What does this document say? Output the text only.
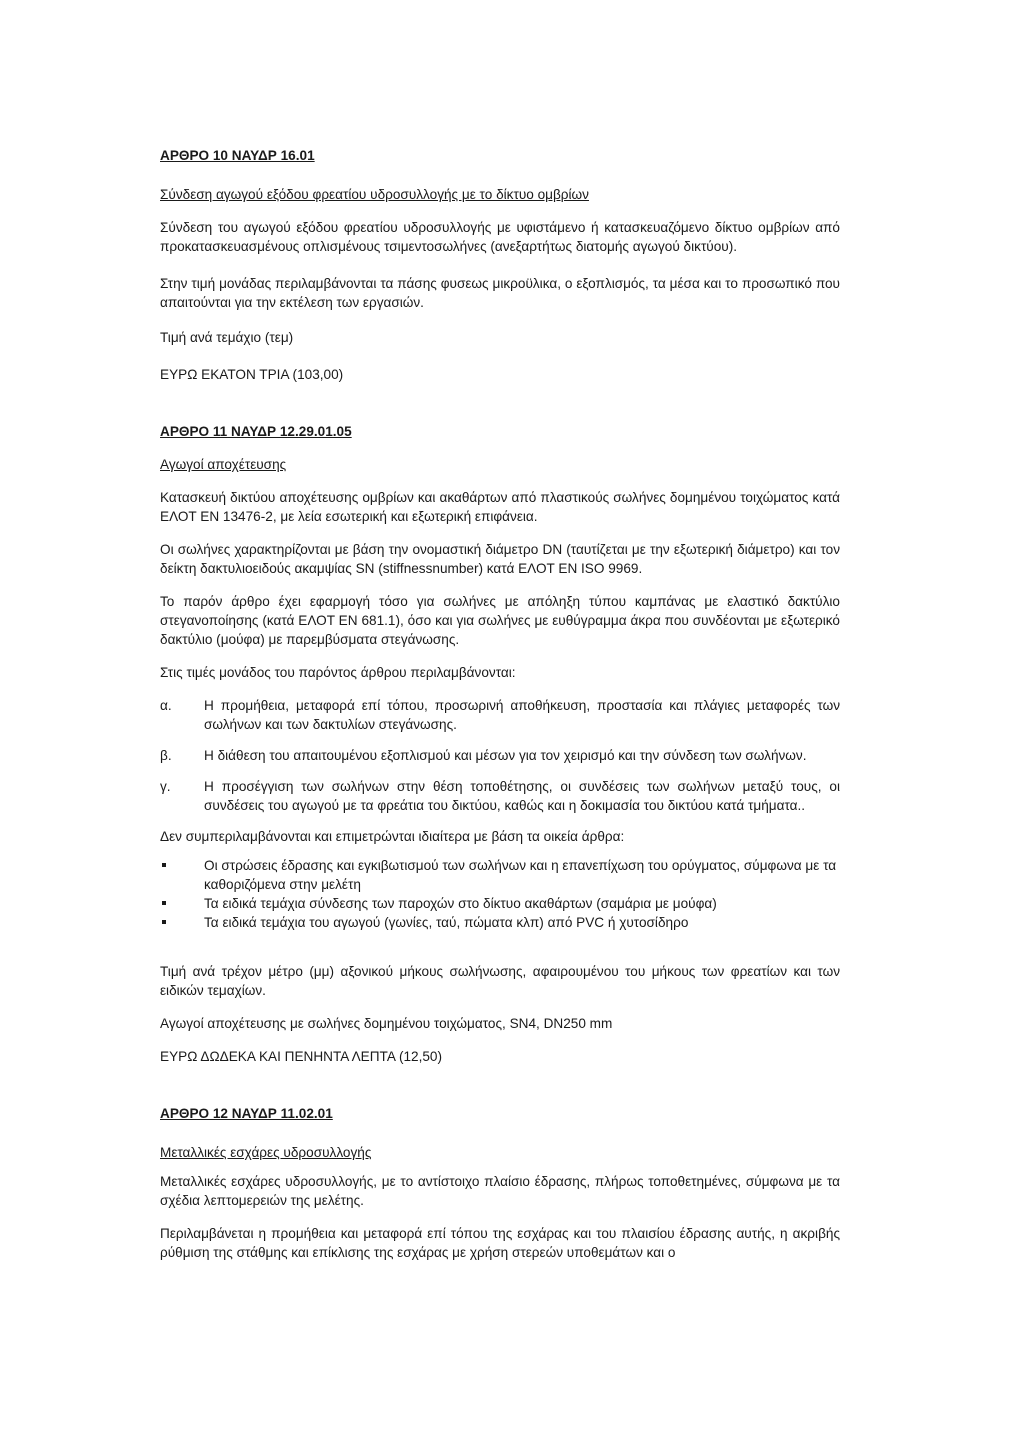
ΑΡΘΡΟ 10 ΝΑΥΔΡ 16.01
Σύνδεση αγωγού εξόδου φρεατίου υδροσυλλογής με το δίκτυο ομβρίων

Σύνδεση του αγωγού εξόδου φρεατίου υδροσυλλογής με υφιστάμενο ή κατασκευαζόμενο δίκτυο ομβρίων από προκατασκευασμένους οπλισμένους τσιμεντοσωλήνες (ανεξαρτήτως διατομής αγωγού δικτύου).

Στην τιμή μονάδας περιλαμβάνονται τα πάσης φυσεως μικροϋλικα, ο εξοπλισμός, τα μέσα και το προσωπικό που απαιτούνται για την εκτέλεση των εργασιών.

Τιμή ανά τεμάχιο (τεμ)

ΕΥΡΩ ΕΚΑΤΟΝ ΤΡΙΑ (103,00)

ΑΡΘΡΟ 11 ΝΑΥΔΡ 12.29.01.05
Αγωγοί αποχέτευσης

Κατασκευή δικτύου αποχέτευσης ομβρίων και ακαθάρτων από πλαστικούς σωλήνες δομημένου τοιχώματος κατά ΕΛΟΤ ΕΝ 13476-2, με λεία εσωτερική και εξωτερική επιφάνεια.

Οι σωλήνες χαρακτηρίζονται με βάση την ονομαστική διάμετρο DN (ταυτίζεται με την εξωτερική διάμετρο) και τον δείκτη δακτυλιοειδούς ακαμψίας SN (stiffnessnumber) κατά ΕΛΟΤ ΕΝ ISO 9969.

Το παρόν άρθρο έχει εφαρμογή τόσο για σωλήνες με απόληξη τύπου καμπάνας με ελαστικό δακτύλιο στεγανοποίησης (κατά ΕΛΟΤ ΕΝ 681.1), όσο και για σωλήνες με ευθύγραμμα άκρα που συνδέονται με εξωτερικό δακτύλιο (μούφα) με παρεμβύσματα στεγάνωσης.

Στις τιμές μονάδος του παρόντος άρθρου περιλαμβάνονται:

α.	Η προμήθεια, μεταφορά επί τόπου, προσωρινή αποθήκευση, προστασία και πλάγιες μεταφορές των σωλήνων και των δακτυλίων στεγάνωσης.
β.	Η διάθεση του απαιτουμένου εξοπλισμού και μέσων για τον χειρισμό και την σύνδεση των σωλήνων.
γ.	Η προσέγγιση των σωλήνων στην θέση τοποθέτησης, οι συνδέσεις των σωλήνων μεταξύ τους, οι συνδέσεις του αγωγού με τα φρεάτια του δικτύου, καθώς και η δοκιμασία του δικτύου κατά τμήματα..

Δεν συμπεριλαμβάνονται και επιμετρώνται ιδιαίτερα με βάση τα οικεία άρθρα:

Οι στρώσεις έδρασης και εγκιβωτισμού των σωλήνων και η επανεπίχωση του ορύγματος, σύμφωνα με τα καθοριζόμενα στην μελέτη
Τα ειδικά τεμάχια σύνδεσης των παροχών στο δίκτυο ακαθάρτων (σαμάρια με μούφα)
Τα ειδικά τεμάχια του αγωγού (γωνίες, ταύ, πώματα κλπ) από PVC ή χυτοσίδηρο

Τιμή ανά τρέχον μέτρο (μμ) αξονικού μήκους σωλήνωσης, αφαιρουμένου του μήκους των φρεατίων και των ειδικών τεμαχίων.

Αγωγοί αποχέτευσης με σωλήνες δομημένου τοιχώματος, SN4, DN250 mm

ΕΥΡΩ ΔΩΔΕΚΑ ΚΑΙ ΠΕΝΗΝΤΑ ΛΕΠΤΑ (12,50)

ΑΡΘΡΟ 12 ΝΑΥΔΡ 11.02.01
Μεταλλικές εσχάρες υδροσυλλογής

Μεταλλικές εσχάρες υδροσυλλογής, με το αντίστοιχο πλαίσιο έδρασης, πλήρως τοποθετημένες, σύμφωνα με τα σχέδια λεπτομερειών της μελέτης.

Περιλαμβάνεται η προμήθεια και μεταφορά επί τόπου της εσχάρας και του πλαισίου έδρασης αυτής, η ακριβής ρύθμιση της στάθμης και επίκλισης της εσχάρας με χρήση στερεών υποθεμάτων και ο
